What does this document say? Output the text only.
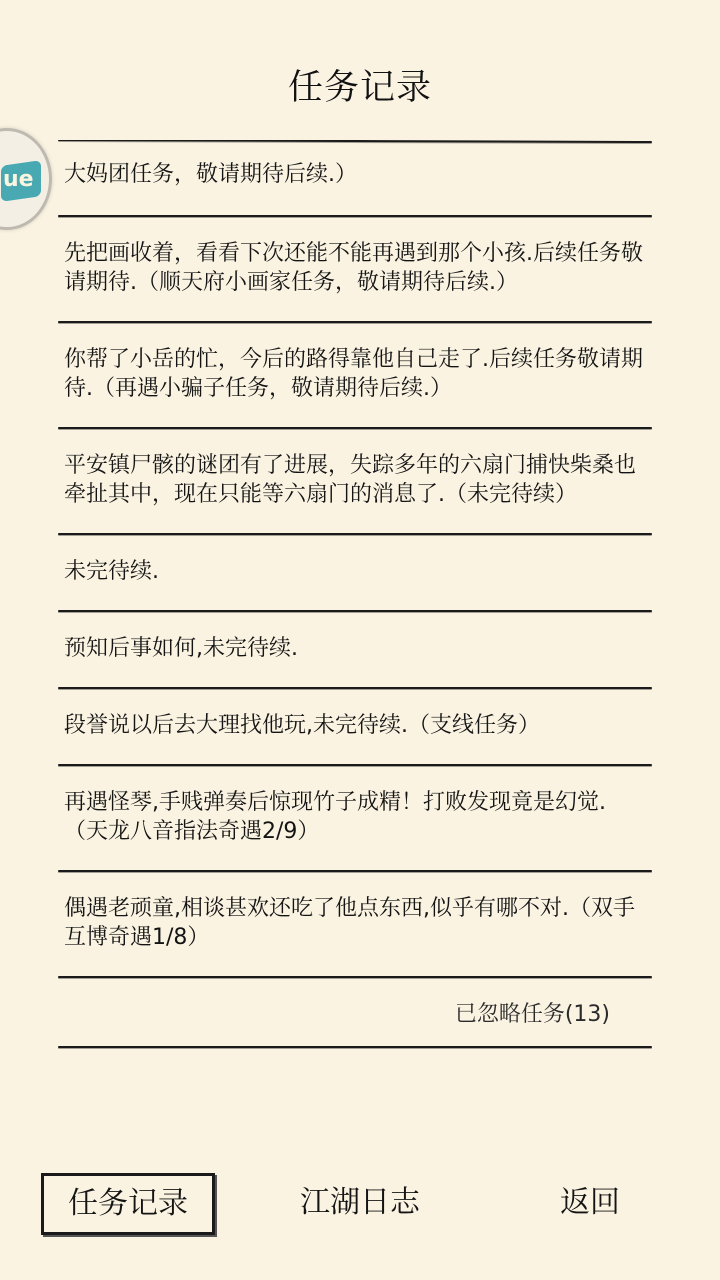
任务记录
ue 大妈团任务，敬请期待后续.）
先把画收着，看看下次还能不能再遇到那个小孩.后续任务敬请期待.（顺天府小画家任务，敬请期待后续.）
你帮了小岳的忙，今后的路得靠他自己走了.后续任务敬请期待.（再遇小骗子任务，敬请期待后续.）
平安镇尸骸的谜团有了进展，失踪多年的六扇门捕快柴桑也牵扯其中，现在只能等六扇门的消息了.（未完待续）
未完待续.
预知后事如何,未完待续.
段誉说以后去大理找他玩,未完待续.（支线任务）
再遇怪琴,手贱弹奏后惊现竹子成精！打败发现竟是幻觉.（天龙八音指法奇遇2/9）
偶遇老顽童,相谈甚欢还吃了他点东西,似乎有哪不对.（双手互博奇遇1/8）
已忽略任务(13)
任务记录	江湖日志	返回
